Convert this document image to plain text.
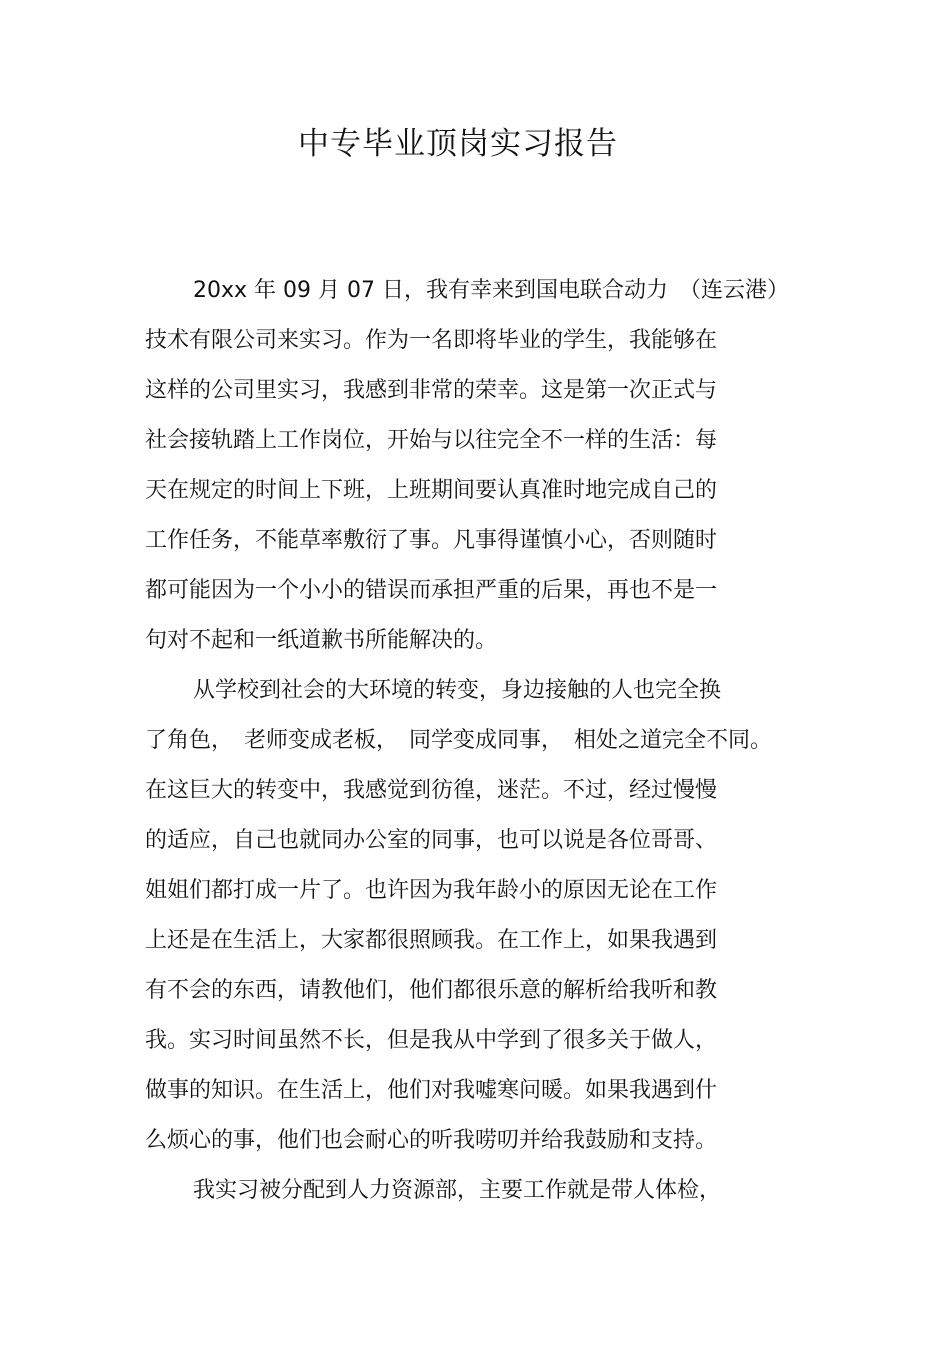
中专毕业顶岗实习报告

20xx 年 09 月 07 日，我有幸来到国电联合动力　（连云港）

技术有限公司来实习。作为一名即将毕业的学生，我能够在

这样的公司里实习，我感到非常的荣幸。这是第一次正式与

社会接轨踏上工作岗位，开始与以往完全不一样的生活：每

天在规定的时间上下班，上班期间要认真准时地完成自己的

工作任务，不能草率敷衍了事。凡事得谨慎小心，否则随时

都可能因为一个小小的错误而承担严重的后果，再也不是一

句对不起和一纸道歉书所能解决的。

从学校到社会的大环境的转变，身边接触的人也完全换

了角色，　老师变成老板，　同学变成同事，　相处之道完全不同。

在这巨大的转变中，我感觉到彷徨，迷茫。不过，经过慢慢

的适应，自己也就同办公室的同事，也可以说是各位哥哥、

姐姐们都打成一片了。也许因为我年龄小的原因无论在工作

上还是在生活上，大家都很照顾我。在工作上，如果我遇到

有不会的东西，请教他们，他们都很乐意的解析给我听和教

我。实习时间虽然不长，但是我从中学到了很多关于做人，

做事的知识。在生活上，他们对我嘘寒问暖。如果我遇到什

么烦心的事，他们也会耐心的听我唠叨并给我鼓励和支持。

我实习被分配到人力资源部，主要工作就是带人体检，
